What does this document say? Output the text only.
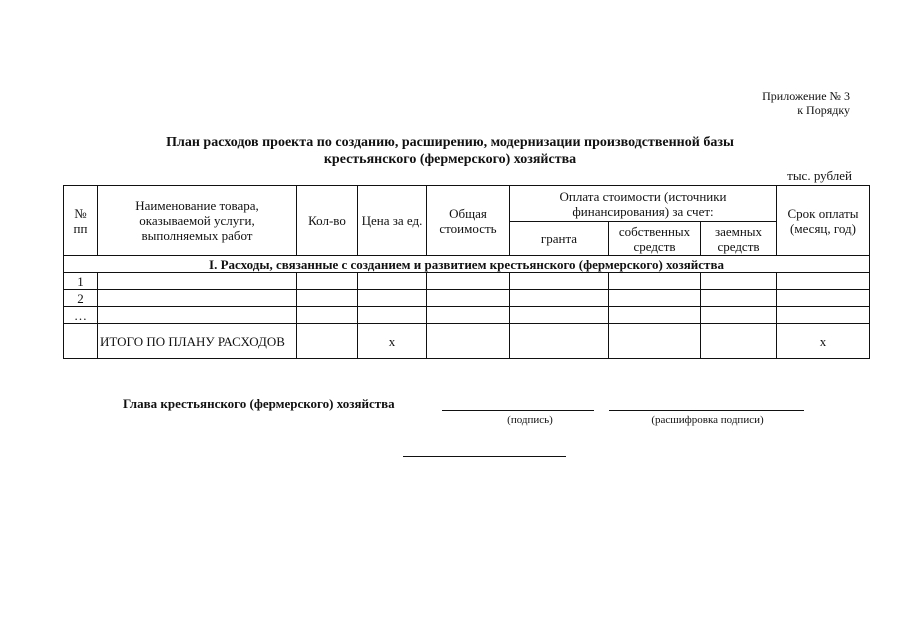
Приложение № 3
к Порядку
План расходов проекта по созданию, расширению, модернизации производственной базы
крестьянского (фермерского) хозяйства
тыс. рублей
№ пп	Наименование товара, оказываемой услуги, выполняемых работ	Кол-во	Цена за ед.	Общая стоимость	Оплата стоимости (источники финансирования) за счет:			Срок оплаты (месяц, год)
					гранта	собственных средств	заемных средств	
I. Расходы, связанные с созданием и развитием крестьянского (фермерского) хозяйства								
1								
2								
…								
	ИТОГО ПО ПЛАНУ РАСХОДОВ		х					х
Глава крестьянского (фермерского) хозяйства
(подпись)	(расшифровка подписи)
